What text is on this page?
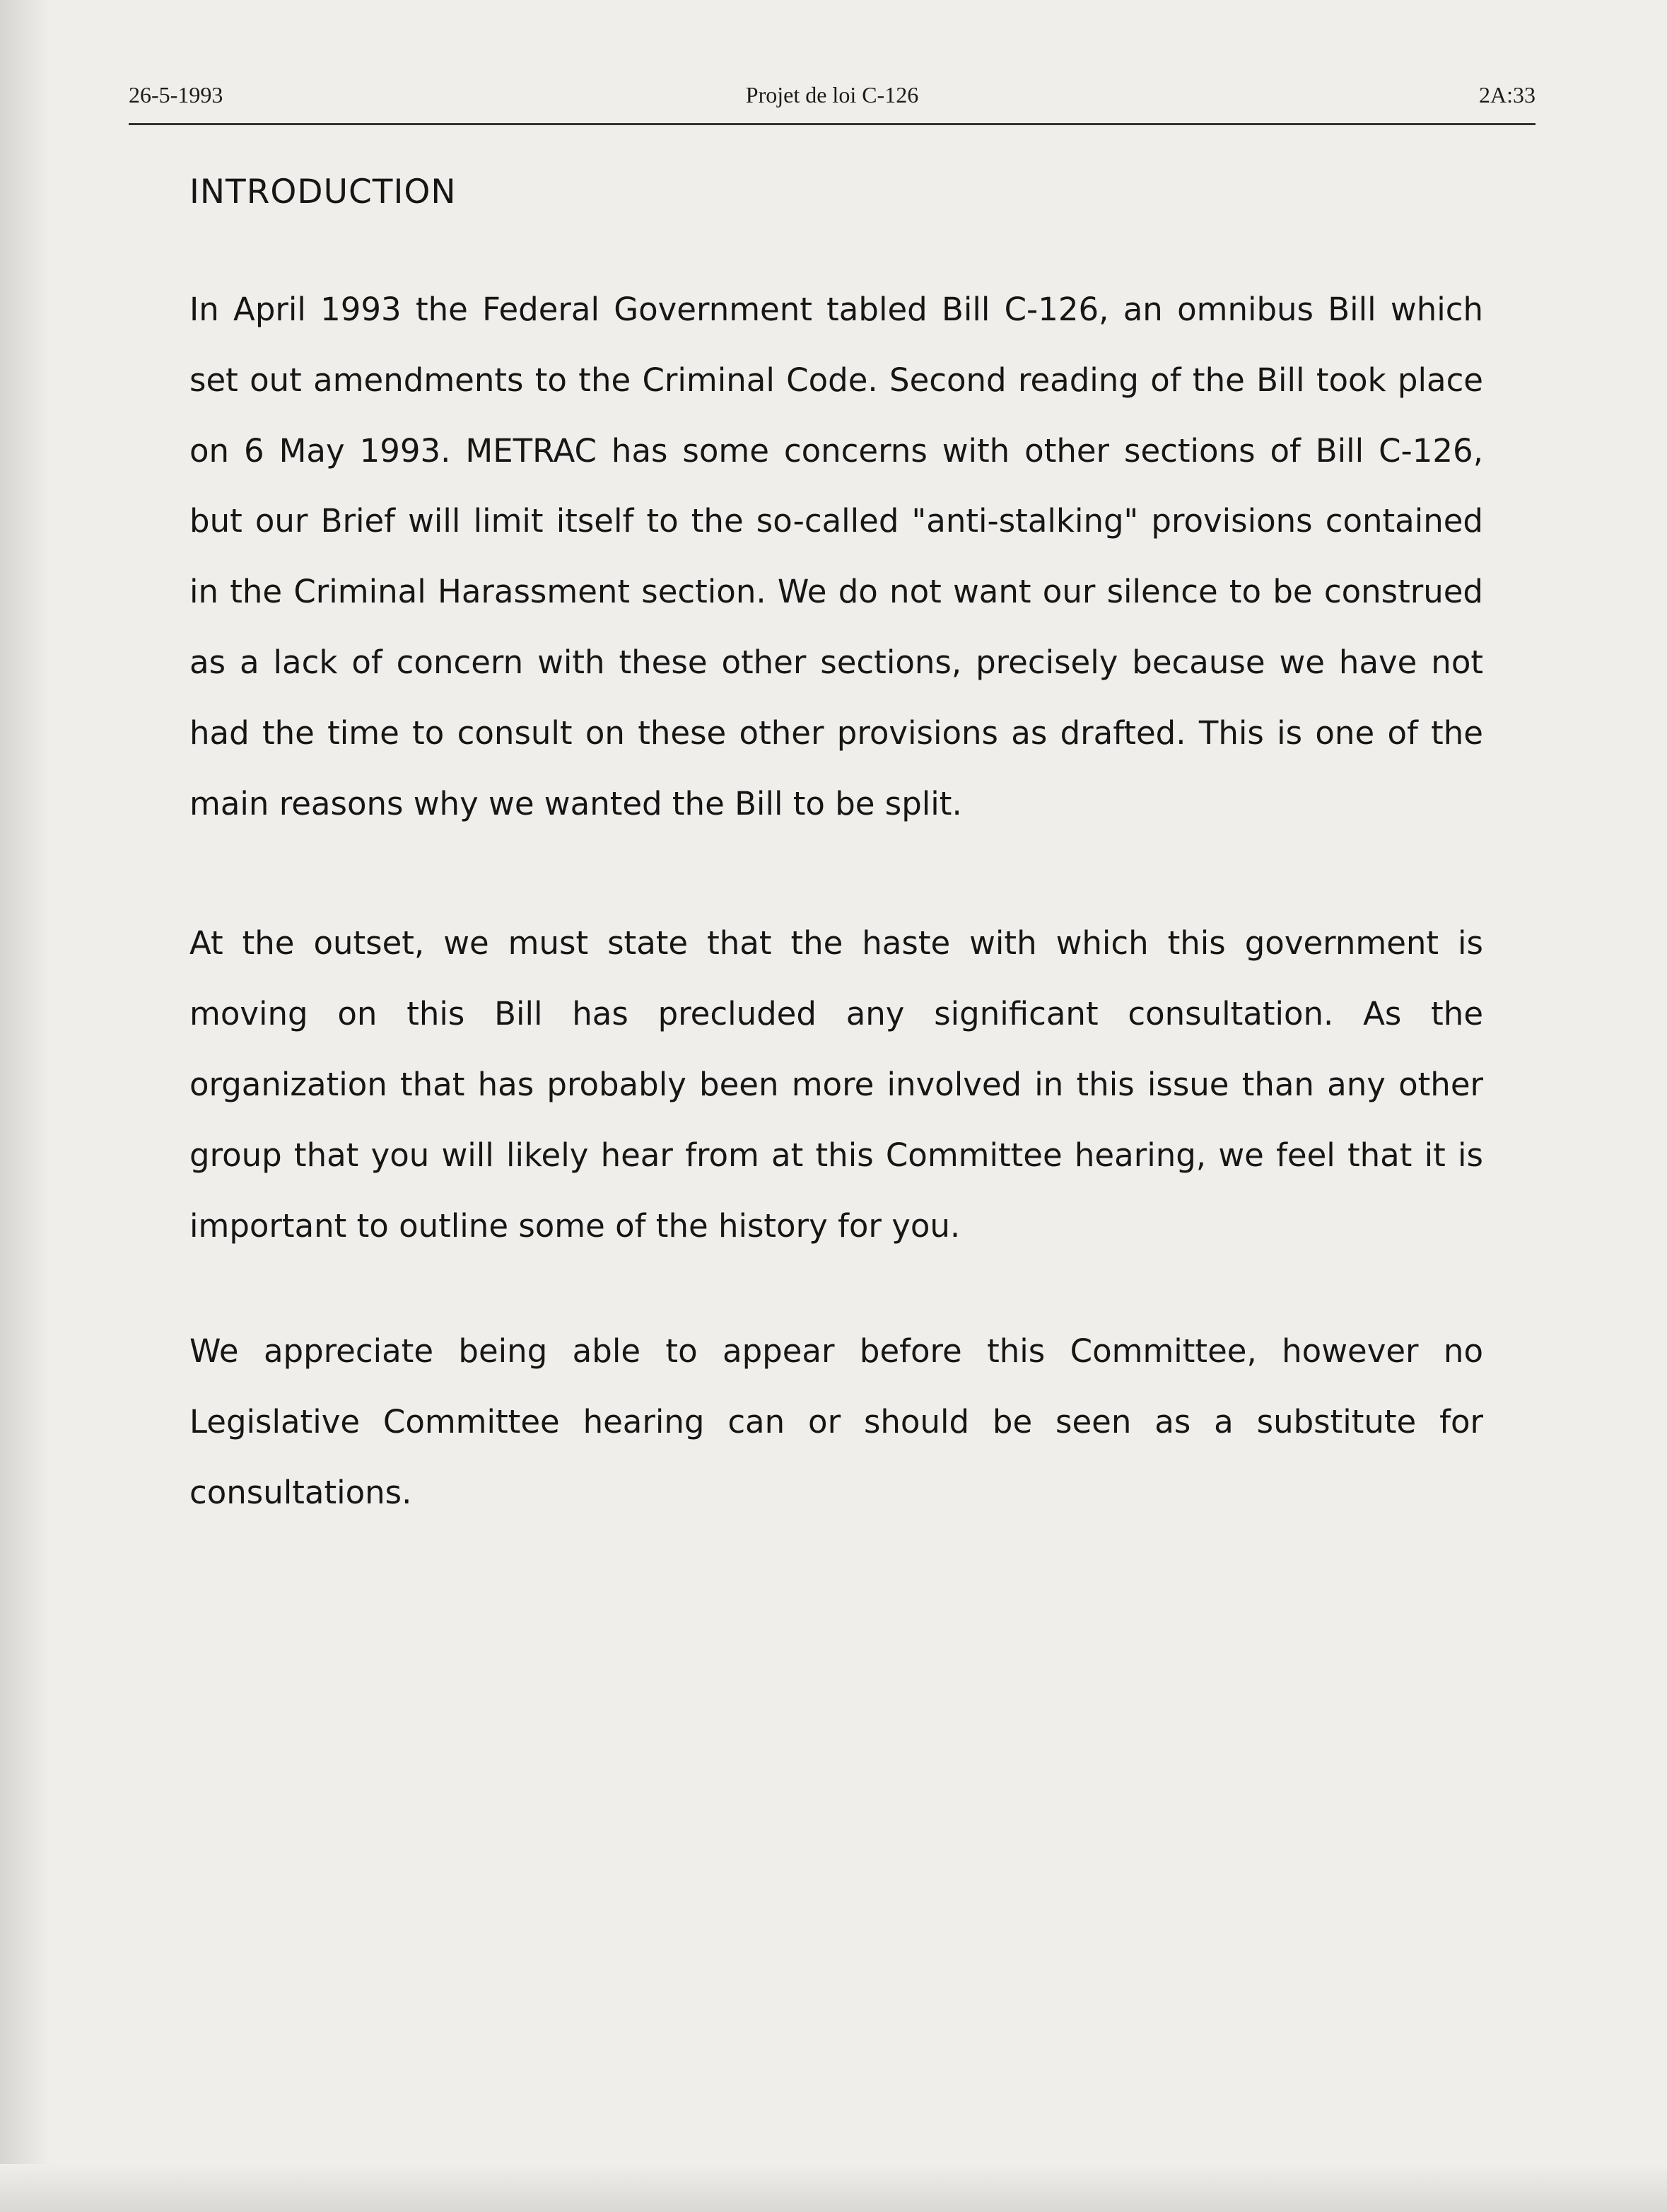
26-5-1993	Projet de loi C-126	2A:33
INTRODUCTION

In April 1993 the Federal Government tabled Bill C-126, an omnibus Bill which set out amendments to the Criminal Code. Second reading of the Bill took place on 6 May 1993. METRAC has some concerns with other sections of Bill C-126, but our Brief will limit itself to the so-called "anti-stalking" provisions contained in the Criminal Harassment section. We do not want our silence to be construed as a lack of concern with these other sections, precisely because we have not had the time to consult on these other provisions as drafted. This is one of the main reasons why we wanted the Bill to be split.

At the outset, we must state that the haste with which this government is moving on this Bill has precluded any significant consultation. As the organization that has probably been more involved in this issue than any other group that you will likely hear from at this Committee hearing, we feel that it is important to outline some of the history for you.

We appreciate being able to appear before this Committee, however no Legislative Committee hearing can or should be seen as a substitute for consultations.
